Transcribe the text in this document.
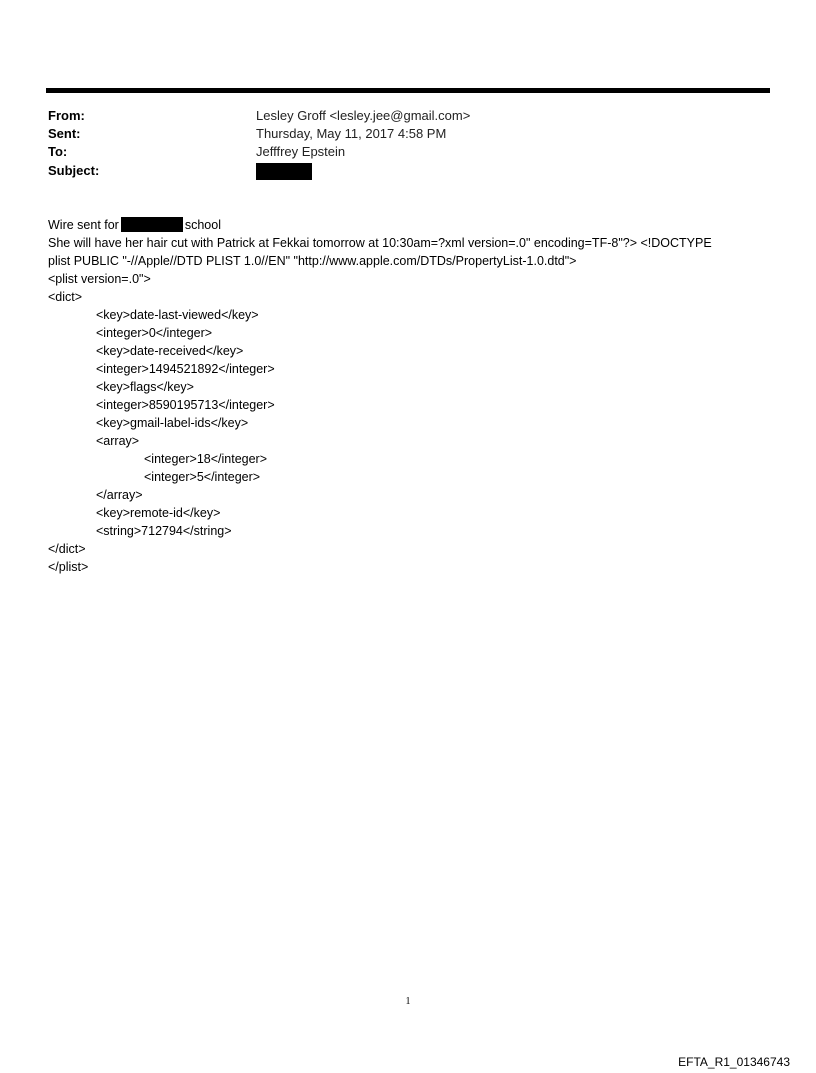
From:	Lesley Groff <lesley.jee@gmail.com>
Sent:	Thursday, May 11, 2017 4:58 PM
To:	Jefffrey Epstein
Subject:
Wire sent for	school
She will have her hair cut with Patrick at Fekkai tomorrow at 10:30am=?xml version=.0" encoding=TF-8"?> <!DOCTYPE
plist PUBLIC "-//Apple//DTD PLIST 1.0//EN" "http://www.apple.com/DTDs/PropertyList-1.0.dtd">
<plist version=.0">
<dict>
<key>date-last-viewed</key>
<integer>0</integer>
<key>date-received</key>
<integer>1494521892</integer>
<key>flags</key>
<integer>8590195713</integer>
<key>gmail-label-ids</key>
<array>
<integer>18</integer>
<integer>5</integer>
</array>
<key>remote-id</key>
<string>712794</string>
</dict>
</plist>
1
EFTA_R1_01346743
